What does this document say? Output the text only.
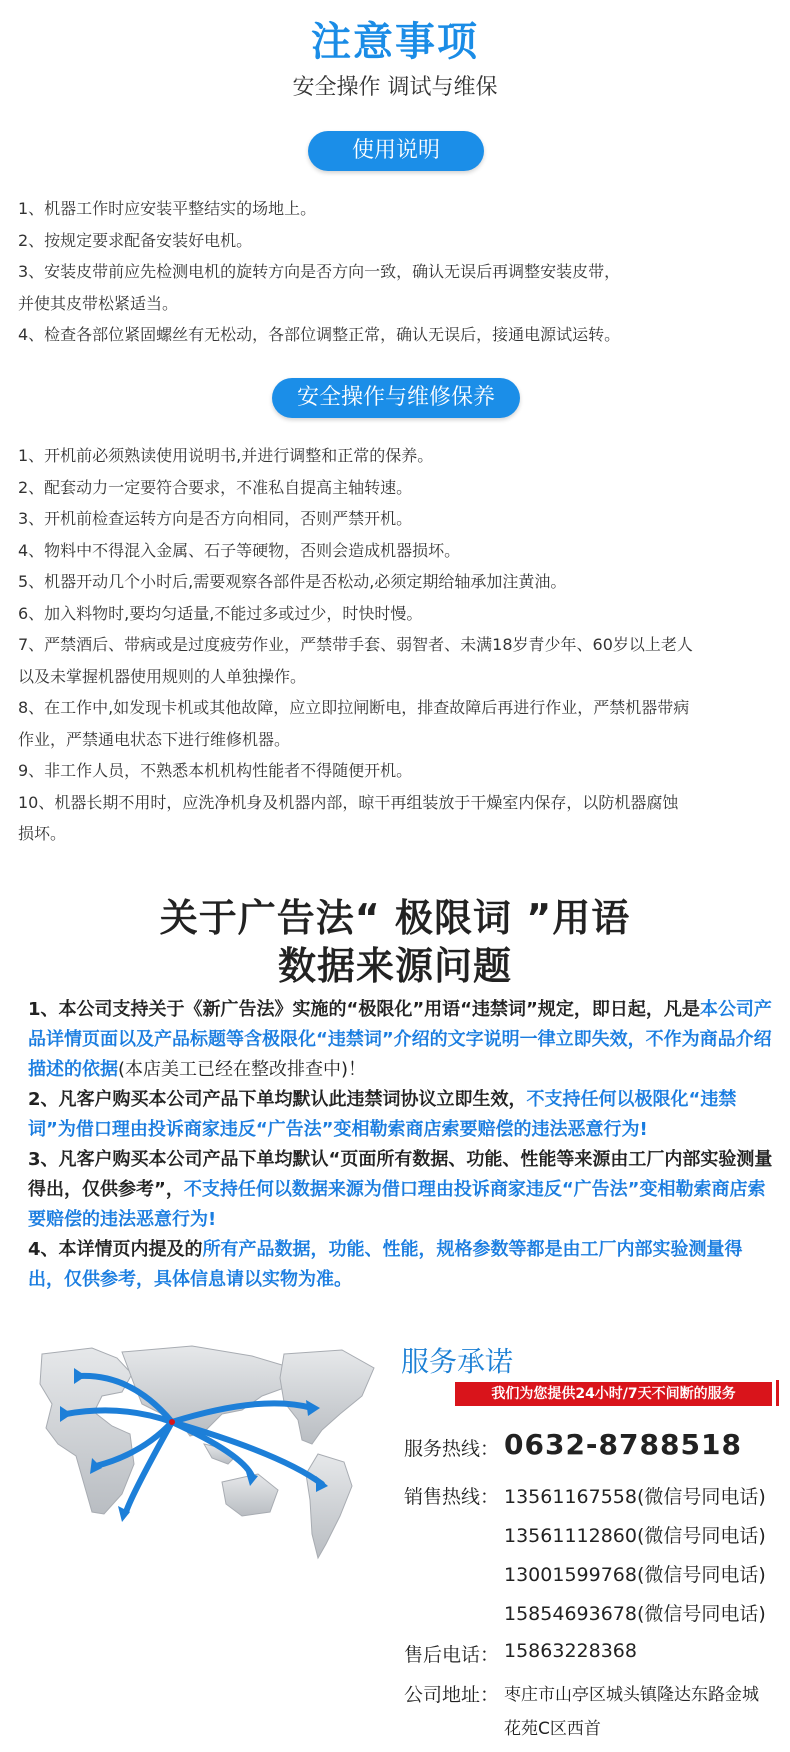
注意事项
安全操作 调试与维保
使用说明
1、机器工作时应安装平整结实的场地上。
2、按规定要求配备安装好电机。
3、安装皮带前应先检测电机的旋转方向是否方向一致，确认无误后再调整安装皮带，
并使其皮带松紧适当。
4、检查各部位紧固螺丝有无松动，各部位调整正常，确认无误后，接通电源试运转。
安全操作与维修保养
1、开机前必须熟读使用说明书,并进行调整和正常的保养。
2、配套动力一定要符合要求，不准私自提高主轴转速。
3、开机前检查运转方向是否方向相同，否则严禁开机。
4、物料中不得混入金属、石子等硬物，否则会造成机器损坏。
5、机器开动几个小时后,需要观察各部件是否松动,必须定期给轴承加注黄油。
6、加入料物时,要均匀适量,不能过多或过少，时快时慢。
7、严禁酒后、带病或是过度疲劳作业，严禁带手套、弱智者、未满18岁青少年、60岁以上老人
以及未掌握机器使用规则的人单独操作。
8、在工作中,如发现卡机或其他故障，应立即拉闸断电，排查故障后再进行作业，严禁机器带病
作业，严禁通电状态下进行维修机器。
9、非工作人员，不熟悉本机机构性能者不得随便开机。
10、机器长期不用时，应洗净机身及机器内部，晾干再组装放于干燥室内保存，以防机器腐蚀
损坏。
关于广告法“ 极限词 ”用语
数据来源问题

1、本公司支持关于《新广告法》实施的“极限化”用语“违禁词”规定，即日起，凡是本公司产品详情页面以及产品标题等含极限化“违禁词”介绍的文字说明一律立即失效，不作为商品介绍描述的依据(本店美工已经在整改排查中)！

2、凡客户购买本公司产品下单均默认此违禁词协议立即生效，不支持任何以极限化“违禁词”为借口理由投诉商家违反“广告法”变相勒索商店索要赔偿的违法恶意行为!

3、凡客户购买本公司产品下单均默认“页面所有数据、功能、性能等来源由工厂内部实验测量得出，仅供参考”，不支持任何以数据来源为借口理由投诉商家违反“广告法”变相勒索商店索要赔偿的违法恶意行为!

4、本详情页内提及的所有产品数据，功能、性能，规格参数等都是由工厂内部实验测量得出，仅供参考，具体信息请以实物为准。

服务承诺
我们为您提供24小时/7天不间断的服务
服务热线： 0632-8788518
销售热线： 13561167558(微信号同电话)
13561112860(微信号同电话)
13001599768(微信号同电话)
15854693678(微信号同电话)
售后电话： 15863228368
公司地址： 枣庄市山亭区城头镇隆达东路金城
花苑C区西首
